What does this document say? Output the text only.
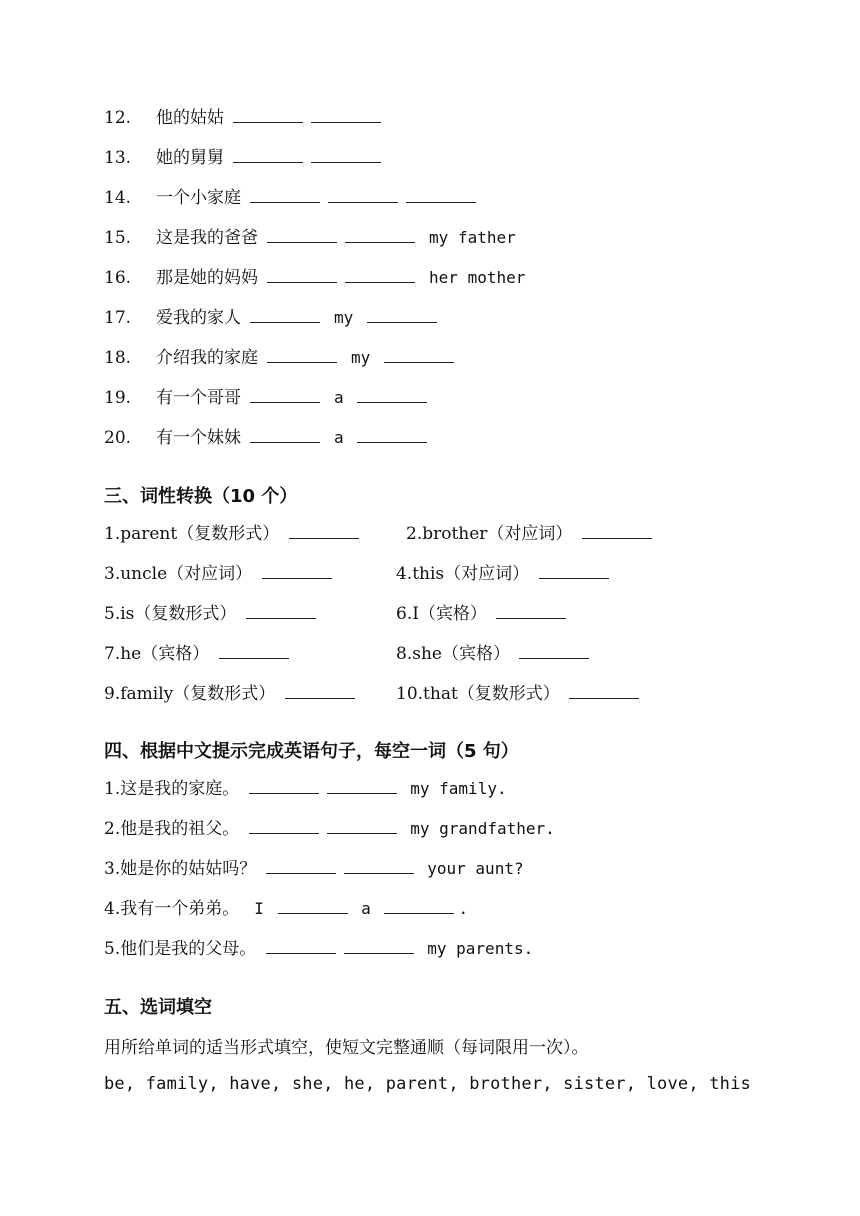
12. 他的姑姑
13. 她的舅舅
14. 一个小家庭
15. 这是我的爸爸	my father
16. 那是她的妈妈	her mother
17. 爱我的家人	my
18. 介绍我的家庭	my
19. 有一个哥哥	a
20. 有一个妹妹	a
三、词性转换（10 个）
1.parent（复数形式）	2.brother（对应词）
3.uncle（对应词）	4.this（对应词）
5.is（复数形式）	6.I（宾格）
7.he（宾格）	8.she（宾格）
9.family（复数形式）	10.that（复数形式）
四、根据中文提示完成英语句子，每空一词（5 句）
1.这是我的家庭。	my family.
2.他是我的祖父。	my grandfather.
3.她是你的姑姑吗？	your aunt?
4.我有一个弟弟。  I	a	.
5.他们是我的父母。	my parents.
五、选词填空
用所给单词的适当形式填空，使短文完整通顺（每词限用一次）。
be, family, have, she, he, parent, brother, sister, love, this
